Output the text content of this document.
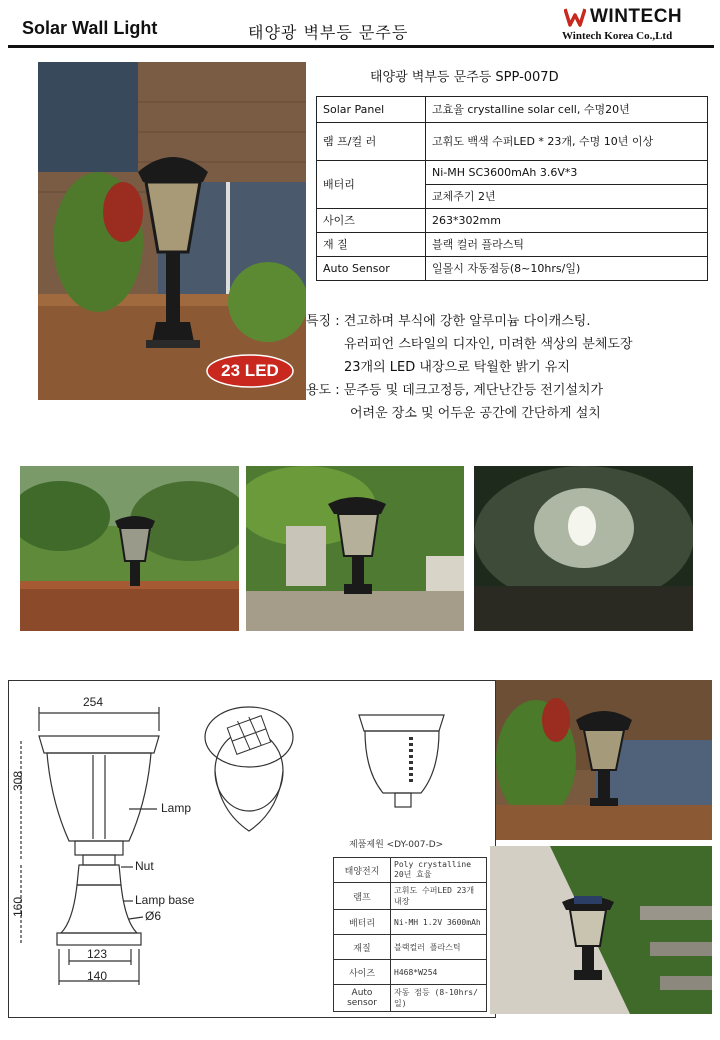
Solar Wall Light	태양광 벽부등 문주등
WINTECH
Wintech Korea Co.,Ltd
23 LED
태양광 벽부등 문주등 SPP-007D
Solar Panel	고효율 crystalline solar cell, 수명20년
램 프/컬 러	고휘도 백색 수퍼LED * 23개, 수명 10년 이상
배터리	Ni-MH SC3600mAh 3.6V*3
	교체주기 2년
사이즈	263*302mm
재 질	블랙 컬러 플라스틱
Auto Sensor	일몰시 자동점등(8~10hrs/일)
특징 : 견고하며 부식에 강한 알루미늄 다이캐스팅.
유러피언 스타일의 디자인, 미려한 색상의 분체도장
23개의 LED 내장으로 탁월한 밝기 유지
용도 : 문주등 및 데크고정등, 계단난간등 전기설치가
어려운 장소 및 어두운 공간에 간단하게 설치
254
308
160
123
140
Lamp
Nut
Lamp base
Ø6
제품제원 <DY-007-D>
태양전지	Poly crystalline 20년 효율
램프	고휘도 수퍼LED 23개 내장
배터리	Ni-MH 1.2V 3600mAh
재질	블랙컬러 플라스틱
사이즈	H468*W254
Auto sensor	자동 점등 (8-10hrs/일)
